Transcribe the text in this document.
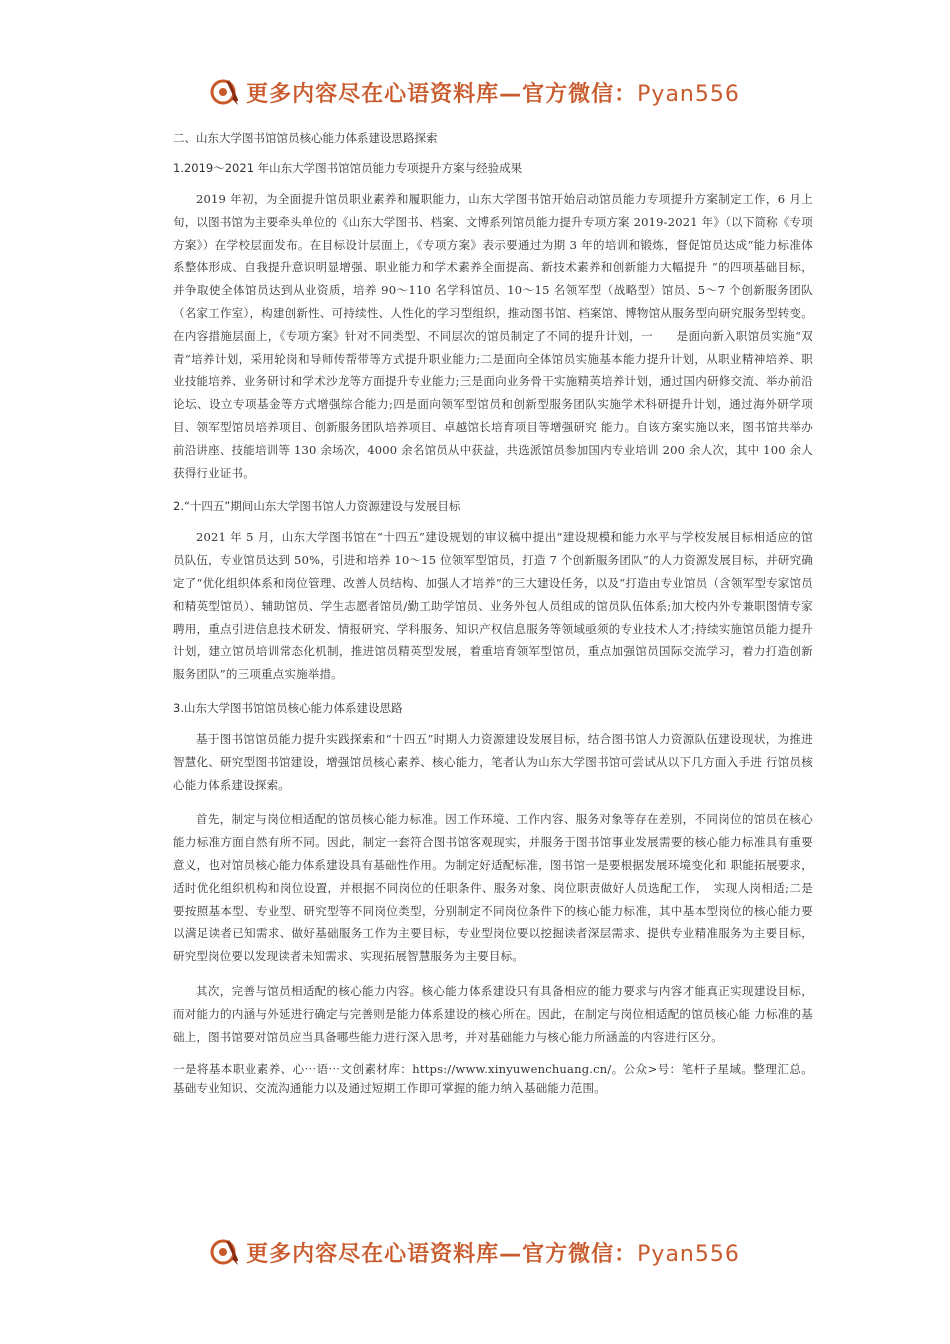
更多内容尽在心语资料库—官方微信：Pyan556

二、山东大学图书馆馆员核心能力体系建设思路探索

1.2019～2021 年山东大学图书馆馆员能力专项提升方案与经验成果

2019 年初，为全面提升馆员职业素养和履职能力，山东大学图书馆开始启动馆员能力专项提升方案制定工作，6 月上旬，以图书馆为主要牵头单位的《山东大学图书、档案、文博系列馆员能力提升专项方案 2019-2021 年》（以下简称《专项方案》）在学校层面发布。在目标设计层面上，《专项方案》表示要通过为期 3 年的培训和锻炼，督促馆员达成“能力标准体系整体形成、自我提升意识明显增强、职业能力和学术素养全面提高、新技术素养和创新能力大幅提升 ”的四项基础目标，并争取使全体馆员达到从业资质，培养 90～110 名学科馆员、10～15 名领军型（战略型）馆员、5～7 个创新服务团队（名家工作室），构建创新性、可持续性、人性化的学习型组织，推动图书馆、档案馆、博物馆从服务型向研究服务型转变。在内容措施层面上，《专项方案》针对不同类型、不同层次的馆员制定了不同的提升计划，一　　是面向新入职馆员实施“双青”培养计划，采用轮岗和导师传帮带等方式提升职业能力;二是面向全体馆员实施基本能力提升计划，从职业精神培养、职业技能培养、业务研讨和学术沙龙等方面提升专业能力;三是面向业务骨干实施精英培养计划，通过国内研修交流、举办前沿论坛、设立专项基金等方式增强综合能力;四是面向领军型馆员和创新型服务团队实施学术科研提升计划，通过海外研学项目、领军型馆员培养项目、创新服务团队培养项目、卓越馆长培育项目等增强研究 能力。自该方案实施以来，图书馆共举办前沿讲座、技能培训等 130 余场次，4000 余名馆员从中获益，共选派馆员参加国内专业培训 200 余人次，其中 100 余人获得行业证书。

2.“十四五”期间山东大学图书馆人力资源建设与发展目标

2021 年 5 月，山东大学图书馆在“十四五”建设规划的审议稿中提出“建设规模和能力水平与学校发展目标相适应的馆员队伍，专业馆员达到 50%，引进和培养 10～15 位领军型馆员，打造 7 个创新服务团队”的人力资源发展目标，并研究确定了“优化组织体系和岗位管理、改善人员结构、加强人才培养”的三大建设任务，以及“打造由专业馆员（含领军型专家馆员和精英型馆员）、辅助馆员、学生志愿者馆员/勤工助学馆员、业务外包人员组成的馆员队伍体系;加大校内外专兼职图情专家聘用，重点引进信息技术研发、情报研究、学科服务、知识产权信息服务等领域亟须的专业技术人才;持续实施馆员能力提升计划，建立馆员培训常态化机制，推进馆员精英型发展，着重培育领军型馆员，重点加强馆员国际交流学习，着力打造创新服务团队”的三项重点实施举措。

3.山东大学图书馆馆员核心能力体系建设思路

基于图书馆馆员能力提升实践探索和“十四五”时期人力资源建设发展目标，结合图书馆人力资源队伍建设现状，为推进智慧化、研究型图书馆建设，增强馆员核心素养、核心能力，笔者认为山东大学图书馆可尝试从以下几方面入手进 行馆员核心能力体系建设探索。

首先，制定与岗位相适配的馆员核心能力标准。因工作环境、工作内容、服务对象等存在差别，不同岗位的馆员在核心能力标准方面自然有所不同。因此，制定一套符合图书馆客观现实，并服务于图书馆事业发展需要的核心能力标准具有重要意义，也对馆员核心能力体系建设具有基础性作用。为制定好适配标准，图书馆一是要根据发展环境变化和 职能拓展要求，适时优化组织机构和岗位设置，并根据不同岗位的任职条件、服务对象、岗位职责做好人员选配工作，　实现人岗相适;二是要按照基本型、专业型、研究型等不同岗位类型，分别制定不同岗位条件下的核心能力标准，其中基本型岗位的核心能力要以满足读者已知需求、做好基础服务工作为主要目标，专业型岗位要以挖掘读者深层需求、提供专业精准服务为主要目标，研究型岗位要以发现读者未知需求、实现拓展智慧服务为主要目标。

其次，完善与馆员相适配的核心能力内容。核心能力体系建设只有具备相应的能力要求与内容才能真正实现建设目标，而对能力的内涵与外延进行确定与完善则是能力体系建设的核心所在。因此，在制定与岗位相适配的馆员核心能 力标准的基础上，图书馆要对馆员应当具备哪些能力进行深入思考，并对基础能力与核心能力所涵盖的内容进行区分。

一是将基本职业素养、心⋯语⋯文创素材库：https://www.xinyuwenchuang.cn/。公众>号：笔杆子星域。整理汇总。基础专业知识、交流沟通能力以及通过短期工作即可掌握的能力纳入基础能力范围。

更多内容尽在心语资料库—官方微信：Pyan556
